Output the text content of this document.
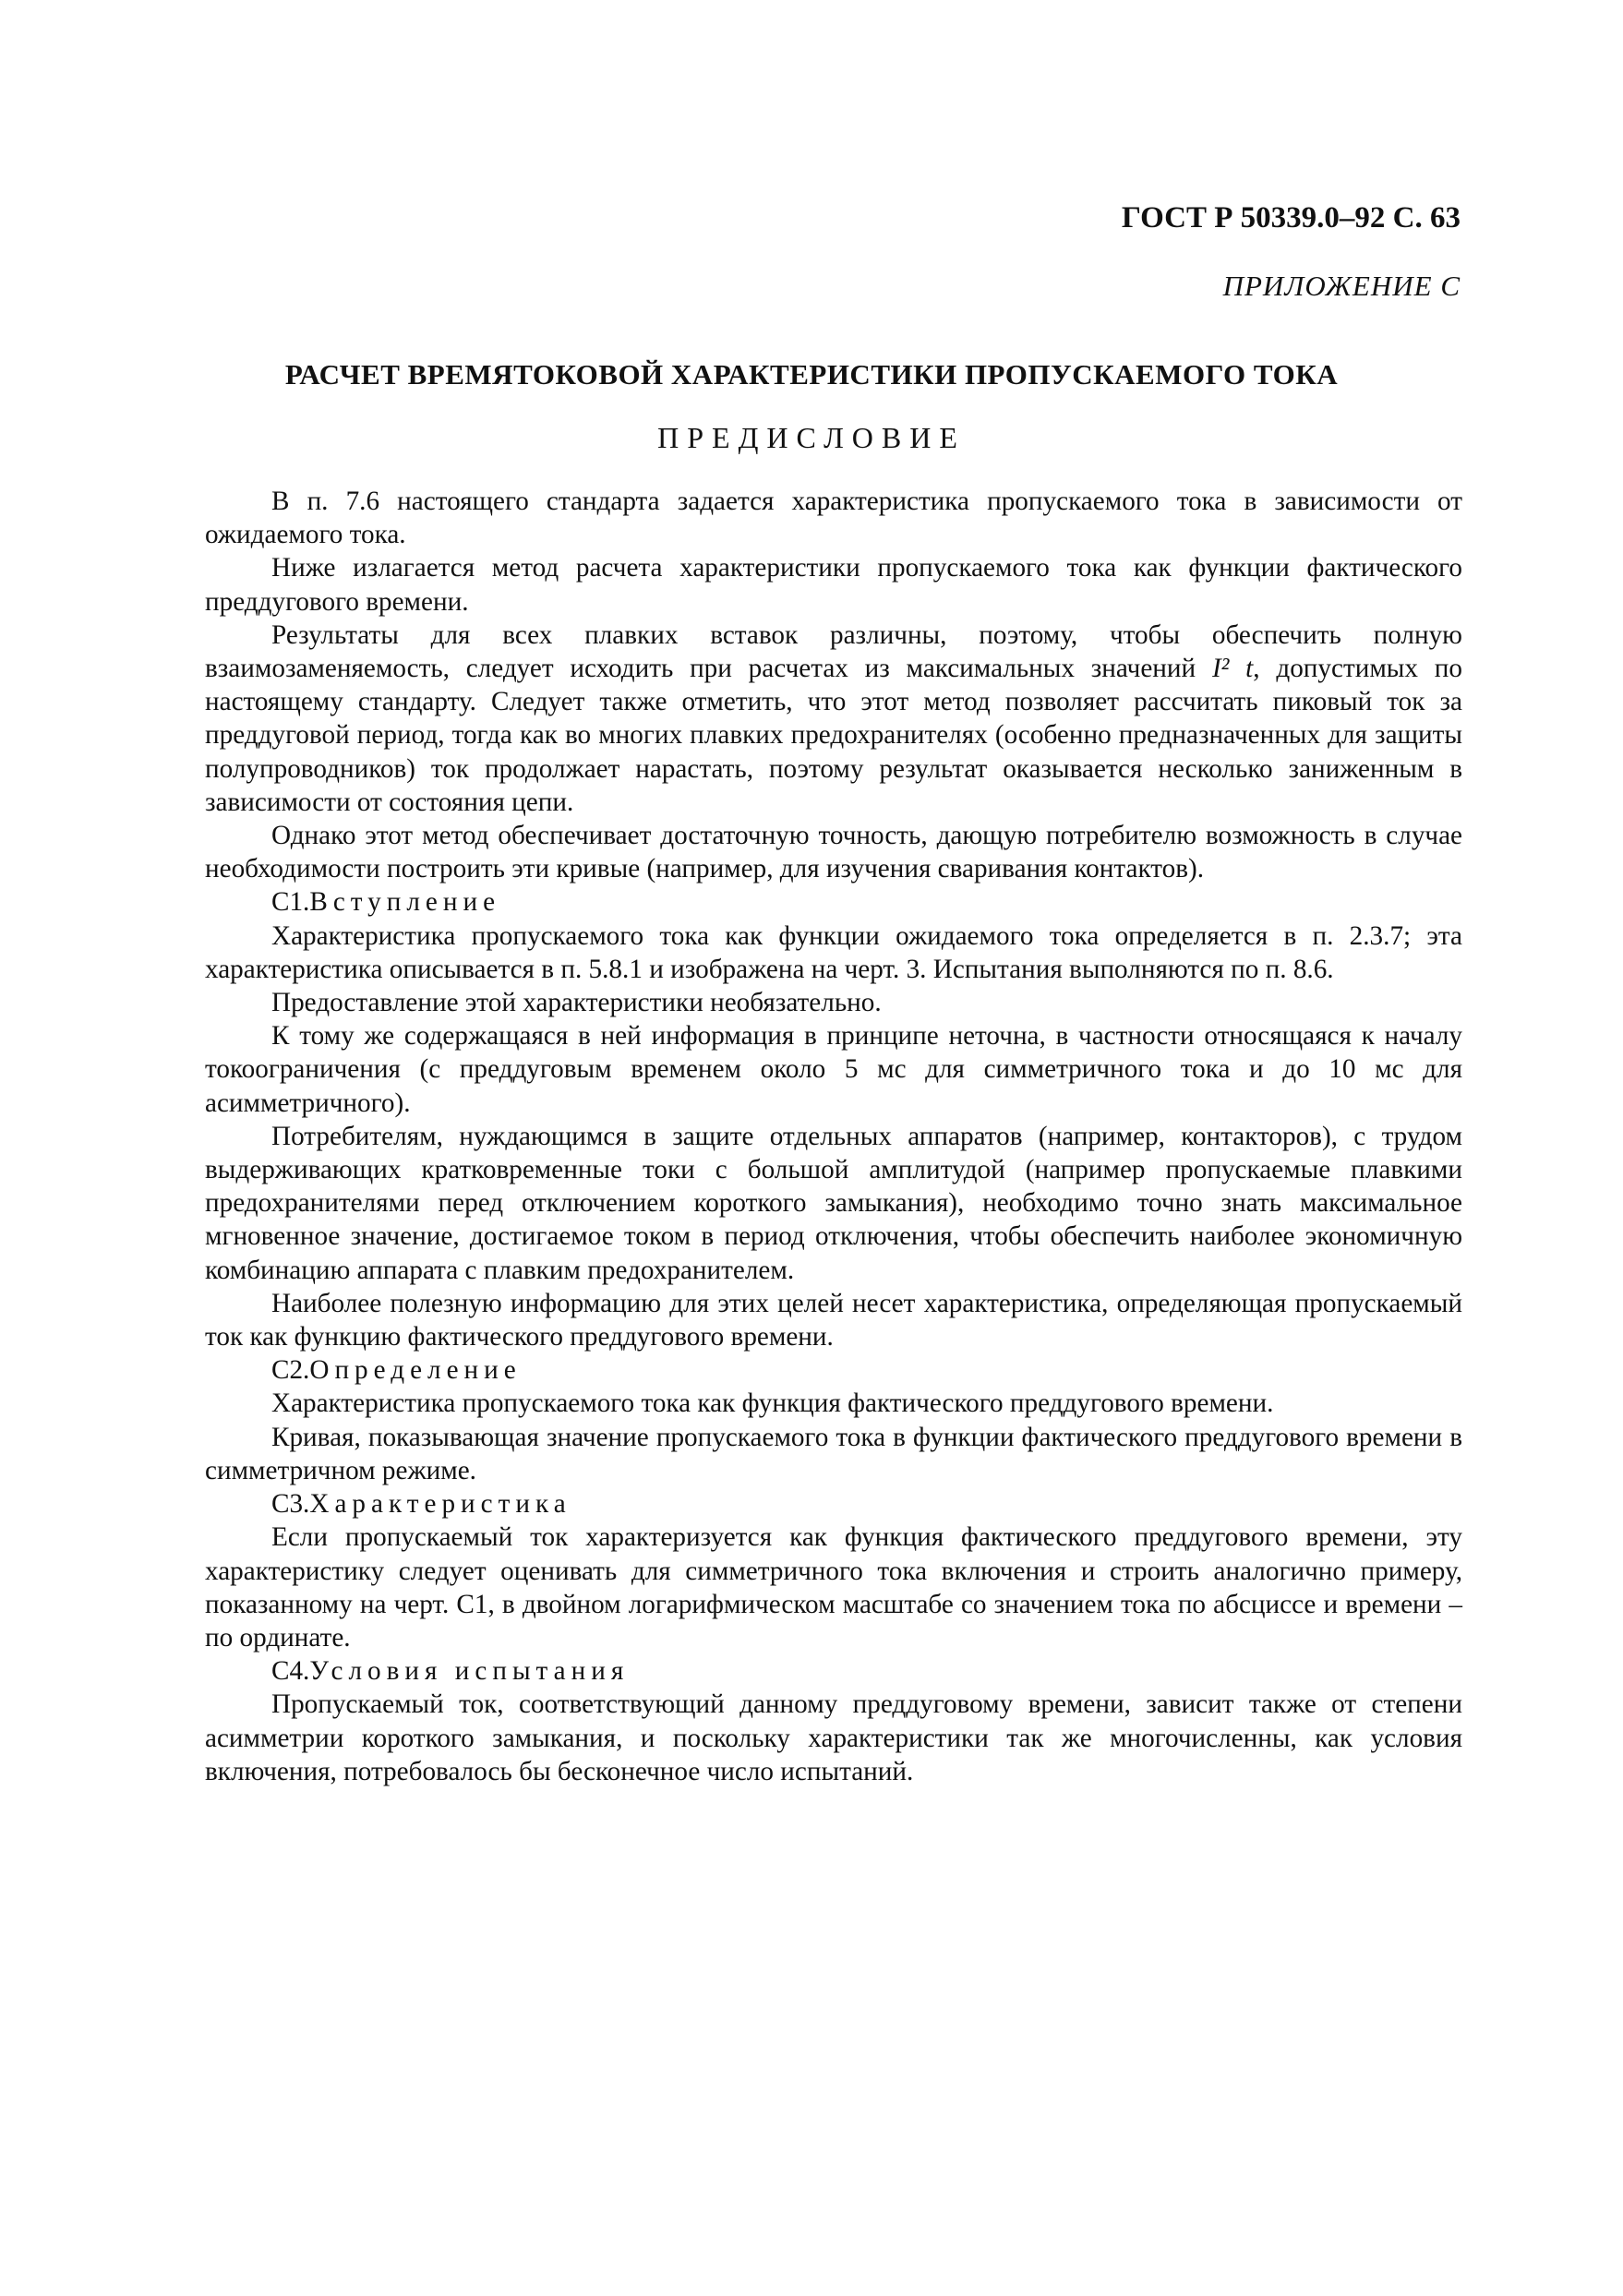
ГОСТ Р 50339.0–92 С. 63
ПРИЛОЖЕНИЕ С
РАСЧЕТ ВРЕМЯТОКОВОЙ ХАРАКТЕРИСТИКИ ПРОПУСКАЕМОГО ТОКА
ПРЕДИСЛОВИЕ

В п. 7.6 настоящего стандарта задается характеристика пропускаемого тока в зависимости от ожидаемого тока.

Ниже излагается метод расчета характеристики пропускаемого тока как функции фактического преддугового времени.

Результаты для всех плавких вставок различны, поэтому, чтобы обеспечить полную взаимозаменяемость, следует исходить при расчетах из максимальных значений I² t, допустимых по настоящему стандарту. Следует также отметить, что этот метод позволяет рассчитать пиковый ток за преддуговой период, тогда как во многих плавких предохранителях (особенно предназначенных для защиты полупроводников) ток продолжает нарастать, поэтому результат оказывается несколько заниженным в зависимости от состояния цепи.

Однако этот метод обеспечивает достаточную точность, дающую потребителю возможность в случае необходимости построить эти кривые (например, для изучения сваривания контактов).

С1.Вступление

Характеристика пропускаемого тока как функции ожидаемого тока определяется в п. 2.3.7; эта характеристика описывается в п. 5.8.1 и изображена на черт. 3. Испытания выполняются по п. 8.6.

Предоставление этой характеристики необязательно.

К тому же содержащаяся в ней информация в принципе неточна, в частности относящаяся к началу токоограничения (с преддуговым временем около 5 мс для симметричного тока и до 10 мс для асимметричного).

Потребителям, нуждающимся в защите отдельных аппаратов (например, контакторов), с трудом выдерживающих кратковременные токи с большой амплитудой (например пропускаемые плавкими предохранителями перед отключением короткого замыкания), необходимо точно знать максимальное мгновенное значение, достигаемое током в период отключения, чтобы обеспечить наиболее экономичную комбинацию аппарата с плавким предохранителем.

Наиболее полезную информацию для этих целей несет характеристика, определяющая пропускаемый ток как функцию фактического преддугового времени.

С2.Определение

Характеристика пропускаемого тока как функция фактического преддугового времени.

Кривая, показывающая значение пропускаемого тока в функции фактического преддугового времени в симметричном режиме.

С3.Характеристика

Если пропускаемый ток характеризуется как функция фактического преддугового времени, эту характеристику следует оценивать для симметричного тока включения и строить аналогично примеру, показанному на черт. С1, в двойном логарифмическом масштабе со значением тока по абсциссе и времени – по ординате.

С4.Условия испытания

Пропускаемый ток, соответствующий данному преддуговому времени, зависит также от степени асимметрии короткого замыкания, и поскольку характеристики так же многочисленны, как условия включения, потребовалось бы бесконечное число испытаний.
